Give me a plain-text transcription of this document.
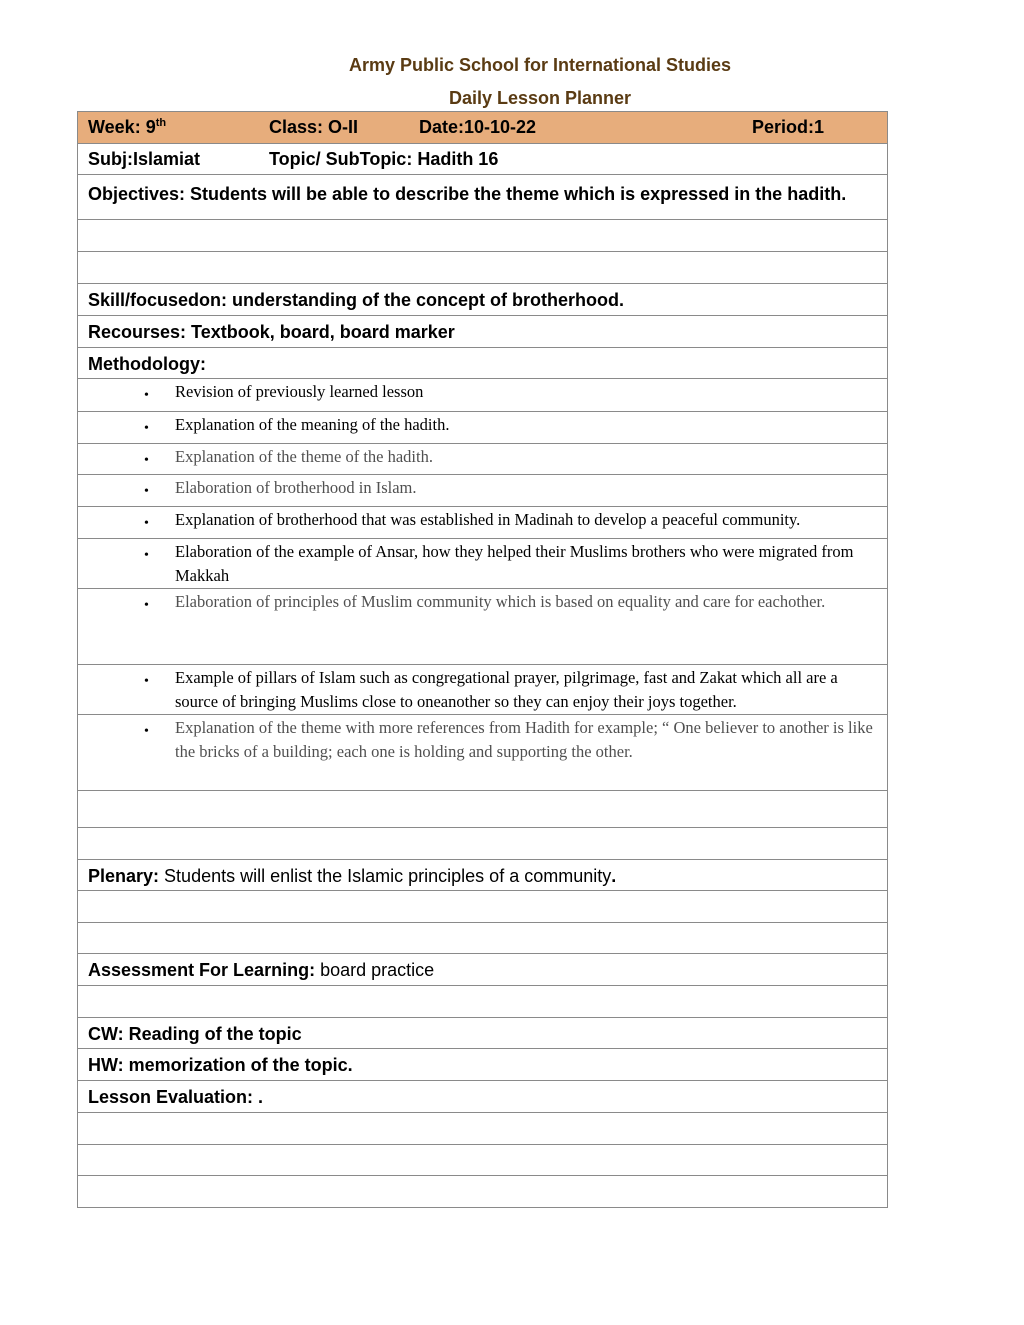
Army Public School for International Studies
Daily Lesson Planner
Week: 9th	Class: O-II	Date:10-10-22	Period:1
Subj:Islamiat	Topic/ SubTopic: Hadith 16
Objectives: Students will be able to describe the theme which is expressed in the hadith.
Skill/focusedon: understanding of the concept of brotherhood.
Recourses: Textbook, board, board marker
Methodology:
• Revision of previously learned lesson
• Explanation of the meaning of the hadith.
• Explanation of the theme of the hadith.
• Elaboration of brotherhood in Islam.
• Explanation of brotherhood that was established in Madinah to develop a peaceful community.
• Elaboration of the example of Ansar, how they helped their Muslims brothers who were migrated from Makkah
• Elaboration of principles of Muslim community which is based on equality and care for eachother.
• Example of pillars of Islam such as congregational prayer, pilgrimage, fast and Zakat which all are a source of bringing Muslims close to oneanother so they can enjoy their joys together.
• Explanation of the theme with more references from Hadith for example; “ One believer to another is like the bricks of a building; each one is holding and supporting the other.
Plenary: Students will enlist the Islamic principles of a community.
Assessment For Learning: board practice
CW: Reading of the topic
HW: memorization of the topic.
Lesson Evaluation: .
